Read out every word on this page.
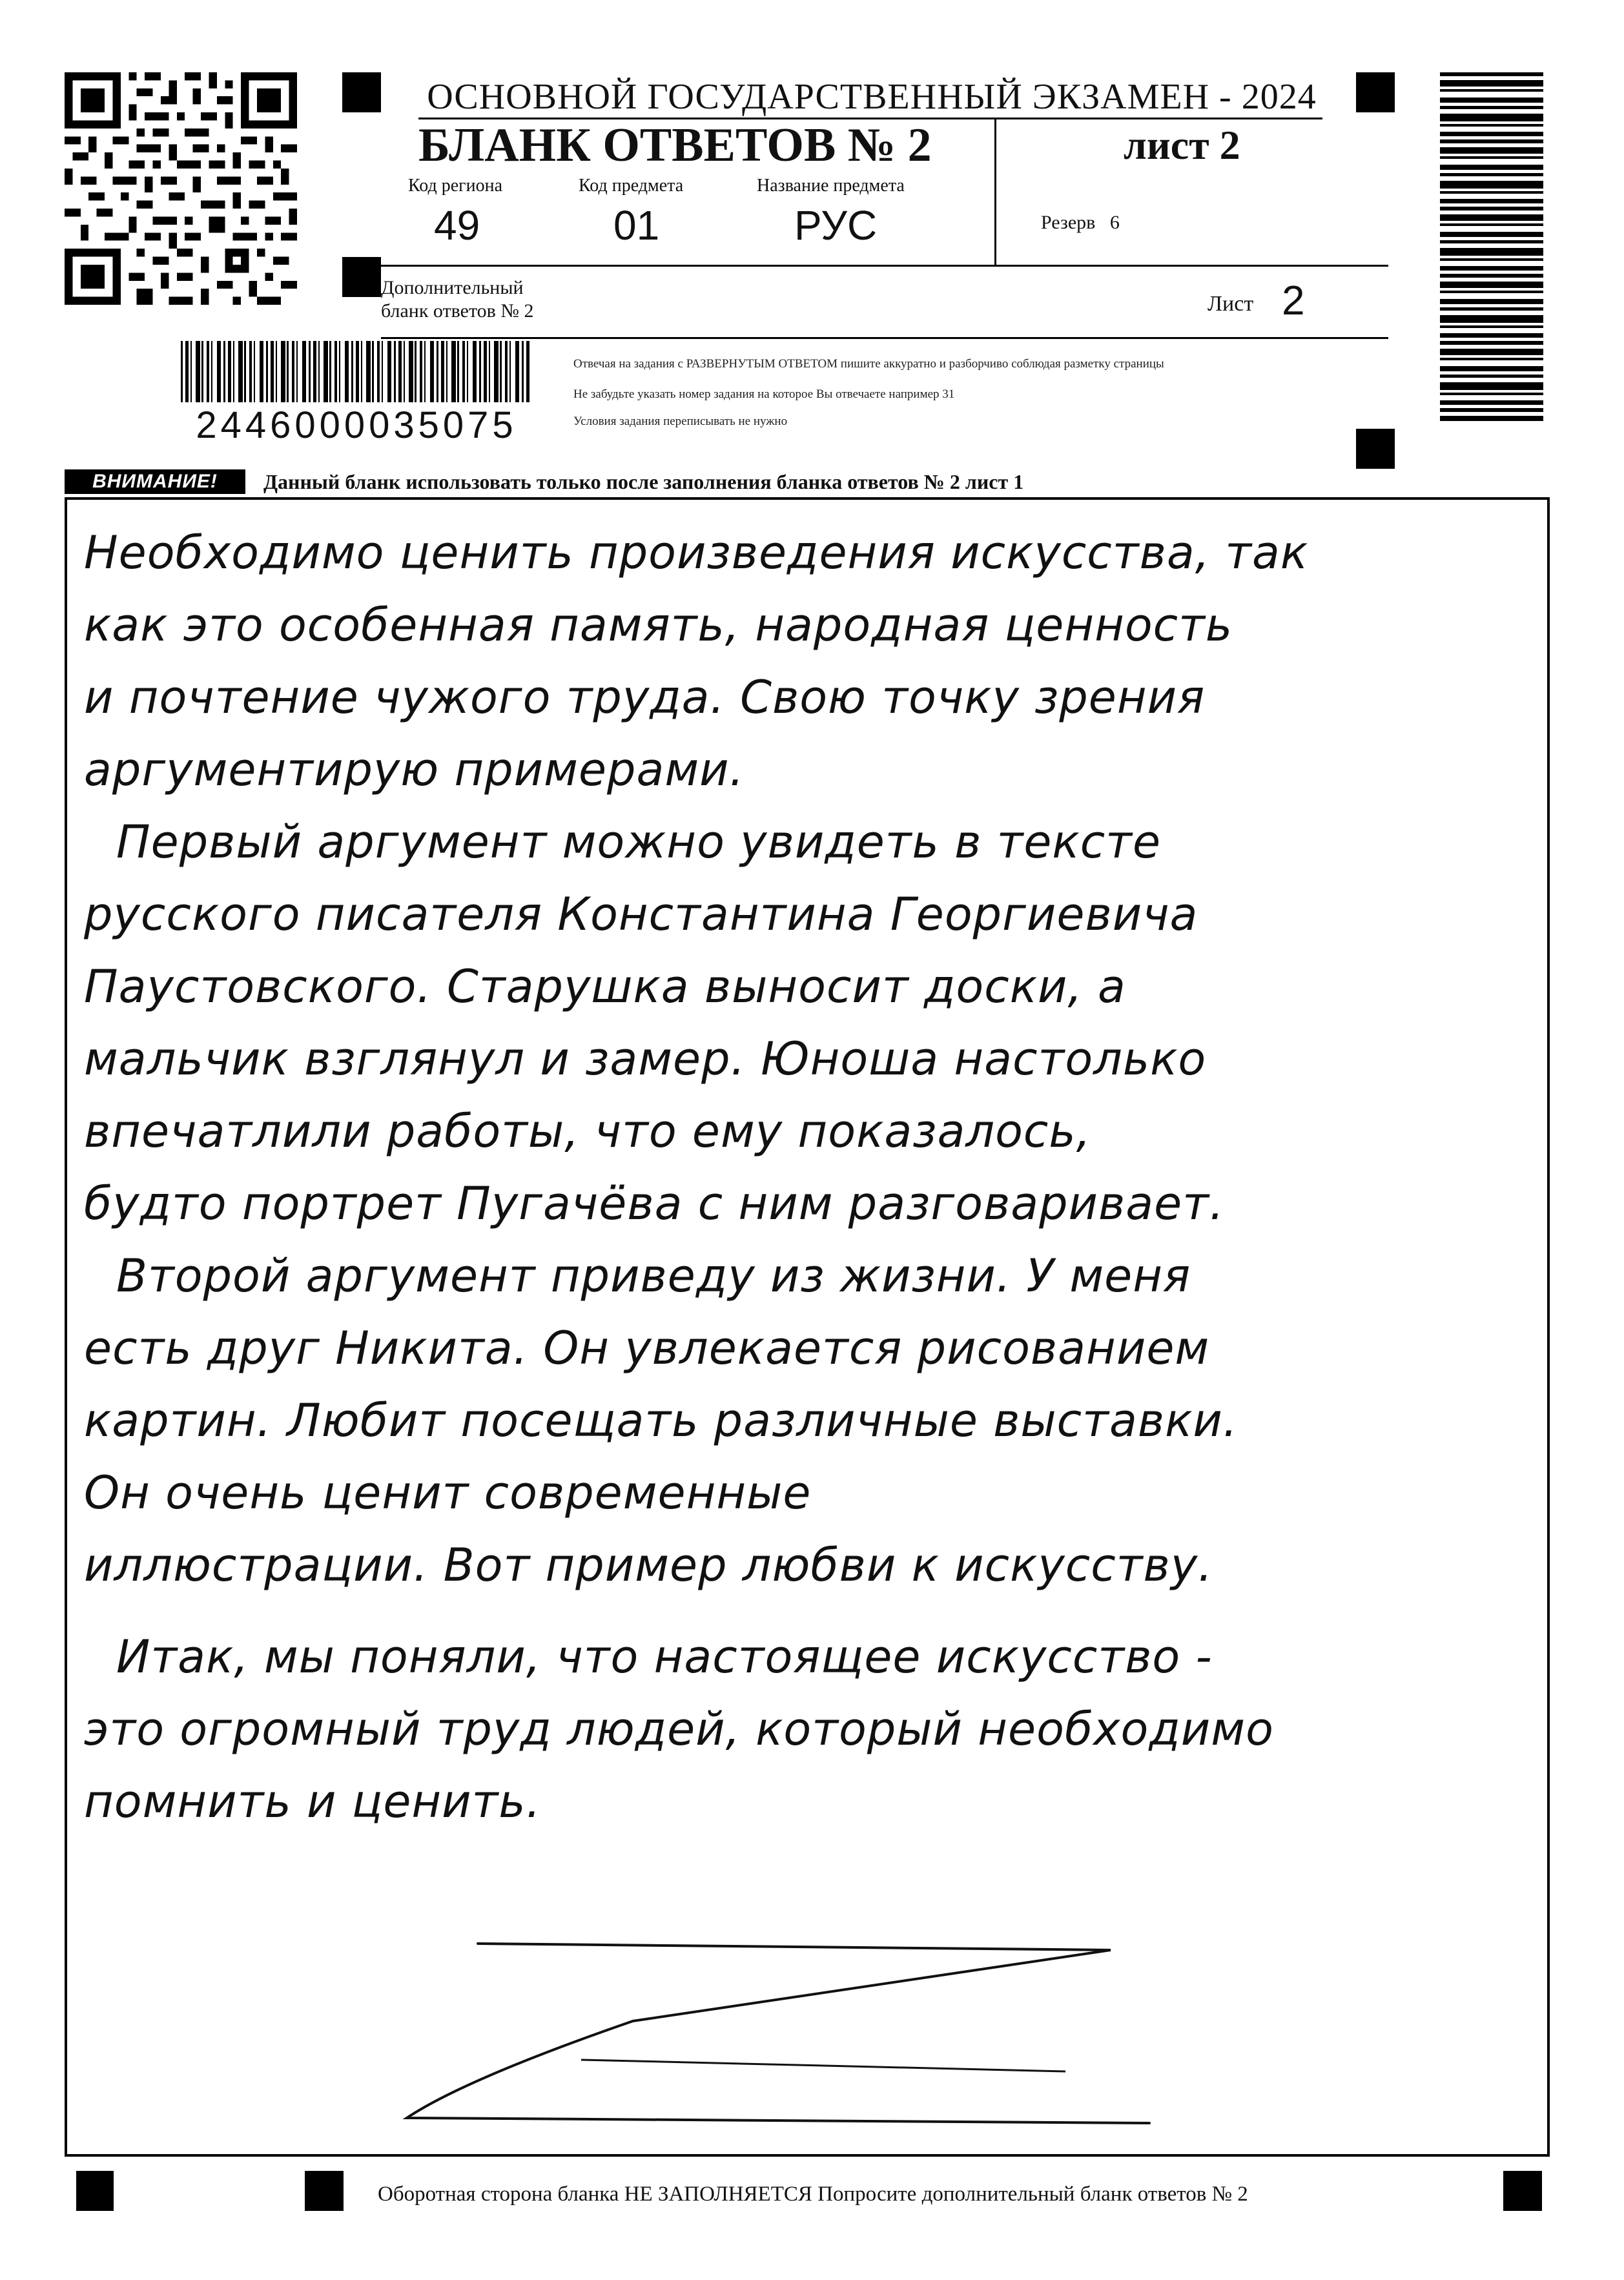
ОСНОВНОЙ ГОСУДАРСТВЕННЫЙ ЭКЗАМЕН - 2024
БЛАНК ОТВЕТОВ № 2	лист 2
Код региона
49
Код предмета
01
Название предмета
РУС	Резерв 6
Дополнительный
бланк ответов № 2	Лист 2
Отвечая на задания с РАЗВЕРНУТЫМ ОТВЕТОМ пишите аккуратно и разборчиво соблюдая разметку страницы
Не забудьте указать номер задания на которое Вы отвечаете например 31
Условия задания переписывать не нужно
2446000035075
ВНИМАНИЕ!	Данный бланк использовать только после заполнения бланка ответов № 2 лист 1
Необходимо ценить произведения искусства, так
как это особенная память, народная ценность
и почтение чужого труда. Свою точку зрения
аргументирую примерами.
Первый аргумент можно увидеть в тексте
русского писателя Константина Георгиевича
Паустовского. Старушка выносит доски, а
мальчик взглянул и замер. Юноша настолько
впечатлили работы, что ему показалось,
будто портрет Пугачёва с ним разговаривает.
Второй аргумент приведу из жизни. У меня
есть друг Никита. Он увлекается рисованием
картин. Любит посещать различные выставки.
Он очень ценит современные
иллюстрации. Вот пример любви к искусству.
Итак, мы поняли, что настоящее искусство -
это огромный труд людей, который необходимо
помнить и ценить.
Оборотная сторона бланка НЕ ЗАПОЛНЯЕТСЯ Попросите дополнительный бланк ответов № 2
